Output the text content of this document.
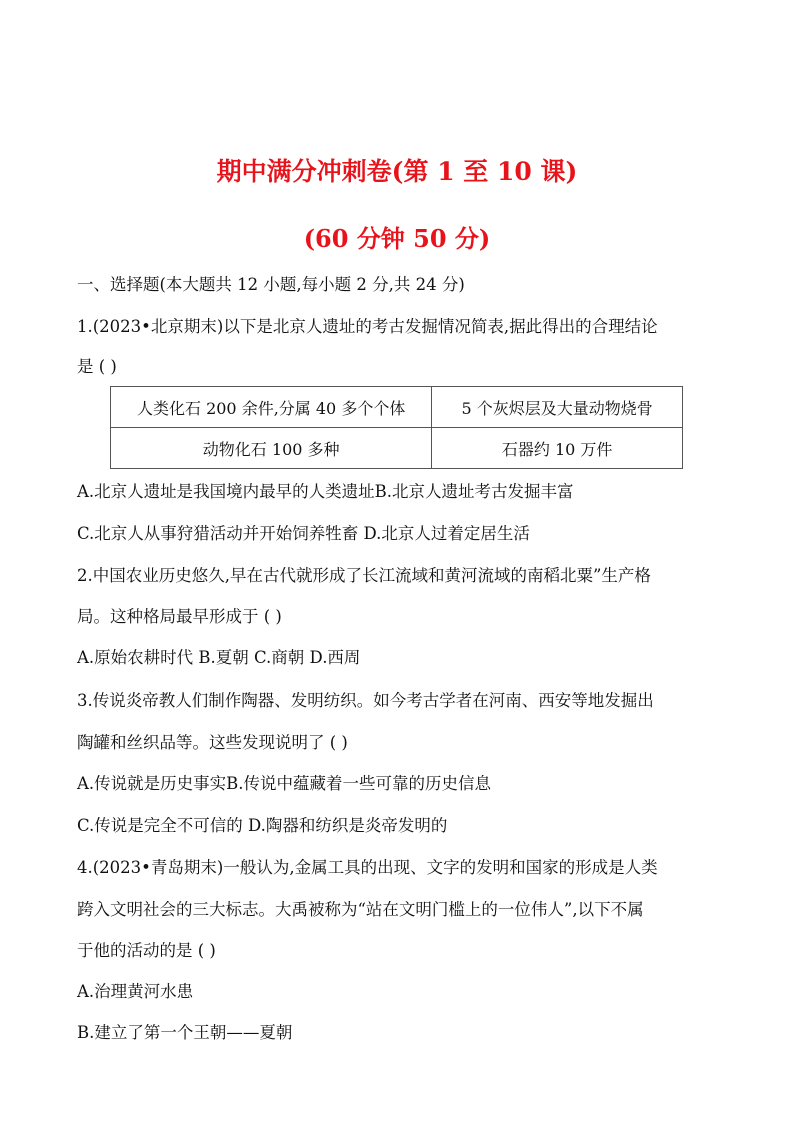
期中满分冲刺卷(第 1 至 10 课)
(60 分钟 50 分)
一、选择题(本大题共 12 小题,每小题 2 分,共 24 分)
1.(2023•北京期末)以下是北京人遗址的考古发掘情况简表,据此得出的合理结论
是 ( )
人类化石 200 余件,分属 40 多个个体	5 个灰烬层及大量动物烧骨
动物化石 100 多种	石器约 10 万件
A.北京人遗址是我国境内最早的人类遗址B.北京人遗址考古发掘丰富
C.北京人从事狩猎活动并开始饲养牲畜 D.北京人过着定居生活
2.中国农业历史悠久,早在古代就形成了长江流域和黄河流域的南稻北粟”生产格
局。这种格局最早形成于 ( )
A.原始农耕时代 B.夏朝 C.商朝 D.西周
3.传说炎帝教人们制作陶器、发明纺织。如今考古学者在河南、西安等地发掘出
陶罐和丝织品等。这些发现说明了 ( )
A.传说就是历史事实B.传说中蕴藏着一些可靠的历史信息
C.传说是完全不可信的 D.陶器和纺织是炎帝发明的
4.(2023•青岛期末)一般认为,金属工具的出现、文字的发明和国家的形成是人类
跨入文明社会的三大标志。大禹被称为“站在文明门槛上的一位伟人”,以下不属
于他的活动的是 ( )
A.治理黄河水患
B.建立了第一个王朝——夏朝
